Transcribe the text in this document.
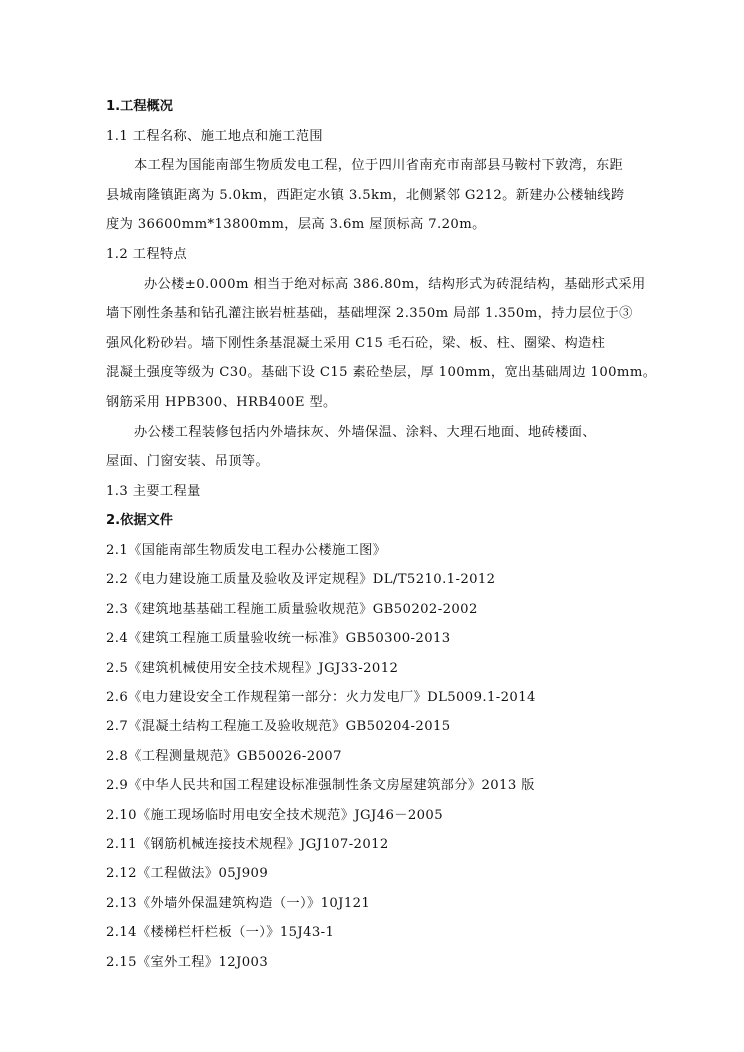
1.工程概况
1.1 工程名称、施工地点和施工范围
本工程为国能南部生物质发电工程，位于四川省南充市南部县马鞍村下敦湾，东距
县城南隆镇距离为 5.0km，西距定水镇 3.5km，北侧紧邻 G212。新建办公楼轴线跨
度为 36600mm*13800mm，层高 3.6m 屋顶标高 7.20m。
1.2 工程特点
办公楼±0.000m 相当于绝对标高 386.80m，结构形式为砖混结构，基础形式采用
墙下刚性条基和钻孔灌注嵌岩桩基础，基础埋深 2.350m 局部 1.350m，持力层位于③
强风化粉砂岩。墙下刚性条基混凝土采用 C15 毛石砼，梁、板、柱、圈梁、构造柱
混凝土强度等级为 C30。基础下设 C15 素砼垫层，厚 100mm，宽出基础周边 100mm。
钢筋采用 HPB300、HRB400E 型。
办公楼工程装修包括内外墙抹灰、外墙保温、涂料、大理石地面、地砖楼面、
屋面、门窗安装、吊顶等。
1.3 主要工程量
2.依据文件
2.1《国能南部生物质发电工程办公楼施工图》
2.2《电力建设施工质量及验收及评定规程》DL/T5210.1-2012
2.3《建筑地基基础工程施工质量验收规范》GB50202-2002
2.4《建筑工程施工质量验收统一标准》GB50300-2013
2.5《建筑机械使用安全技术规程》JGJ33-2012
2.6《电力建设安全工作规程第一部分：火力发电厂》DL5009.1-2014
2.7《混凝土结构工程施工及验收规范》GB50204-2015
2.8《工程测量规范》GB50026-2007
2.9《中华人民共和国工程建设标准强制性条文房屋建筑部分》2013 版
2.10《施工现场临时用电安全技术规范》JGJ46－2005
2.11《钢筋机械连接技术规程》JGJ107-2012
2.12《工程做法》05J909
2.13《外墙外保温建筑构造（一）》10J121
2.14《楼梯栏杆栏板（一）》15J43-1
2.15《室外工程》12J003
